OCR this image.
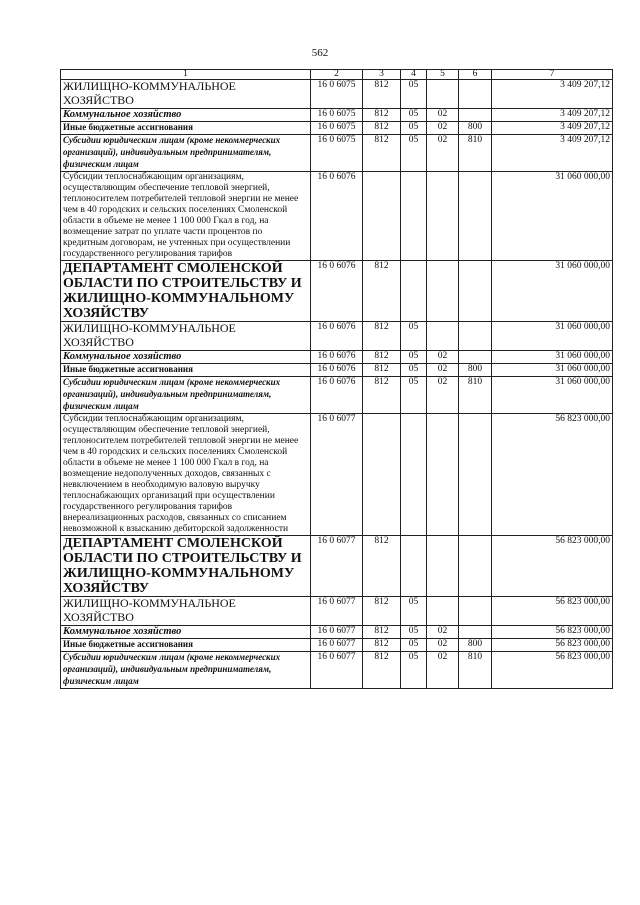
562
1	2	3	4	5	6	7
ЖИЛИЩНО-КОММУНАЛЬНОЕ ХОЗЯЙСТВО	16 0 6075	812	05			3 409 207,12
Коммунальное хозяйство	16 0 6075	812	05	02		3 409 207,12
Иные бюджетные ассигнования	16 0 6075	812	05	02	800	3 409 207,12
Субсидии юридическим лицам (кроме некоммерческих организаций), индивидуальным предпринимателям, физическим лицам	16 0 6075	812	05	02	810	3 409 207,12
Субсидии теплоснабжающим организациям, осуществляющим обеспечение тепловой энергией, теплоносителем потребителей тепловой энергии не менее чем в 40 городских и сельских поселениях Смоленской области в объеме не менее 1 100 000 Гкал в год, на возмещение затрат по уплате части процентов по кредитным договорам, не учтенных при осуществлении государственного регулирования тарифов	16 0 6076					31 060 000,00
ДЕПАРТАМЕНТ СМОЛЕНСКОЙ ОБЛАСТИ ПО СТРОИТЕЛЬСТВУ И ЖИЛИЩНО-КОММУНАЛЬНОМУ ХОЗЯЙСТВУ	16 0 6076	812				31 060 000,00
ЖИЛИЩНО-КОММУНАЛЬНОЕ ХОЗЯЙСТВО	16 0 6076	812	05			31 060 000,00
Коммунальное хозяйство	16 0 6076	812	05	02		31 060 000,00
Иные бюджетные ассигнования	16 0 6076	812	05	02	800	31 060 000,00
Субсидии юридическим лицам (кроме некоммерческих организаций), индивидуальным предпринимателям, физическим лицам	16 0 6076	812	05	02	810	31 060 000,00
Субсидии теплоснабжающим организациям, осуществляющим обеспечение тепловой энергией, теплоносителем потребителей тепловой энергии не менее чем в 40 городских и сельских поселениях Смоленской области в объеме не менее 1 100 000 Гкал в год, на возмещение недополученных доходов, связанных с невключением в необходимую валовую выручку теплоснабжающих организаций при осуществлении государственного регулирования тарифов внереализационных расходов, связанных со списанием невозможной к взысканию дебиторской задолженности	16 0 6077					56 823 000,00
ДЕПАРТАМЕНТ СМОЛЕНСКОЙ ОБЛАСТИ ПО СТРОИТЕЛЬСТВУ И ЖИЛИЩНО-КОММУНАЛЬНОМУ ХОЗЯЙСТВУ	16 0 6077	812				56 823 000,00
ЖИЛИЩНО-КОММУНАЛЬНОЕ ХОЗЯЙСТВО	16 0 6077	812	05			56 823 000,00
Коммунальное хозяйство	16 0 6077	812	05	02		56 823 000,00
Иные бюджетные ассигнования	16 0 6077	812	05	02	800	56 823 000,00
Субсидии юридическим лицам (кроме некоммерческих организаций), индивидуальным предпринимателям, физическим лицам	16 0 6077	812	05	02	810	56 823 000,00
